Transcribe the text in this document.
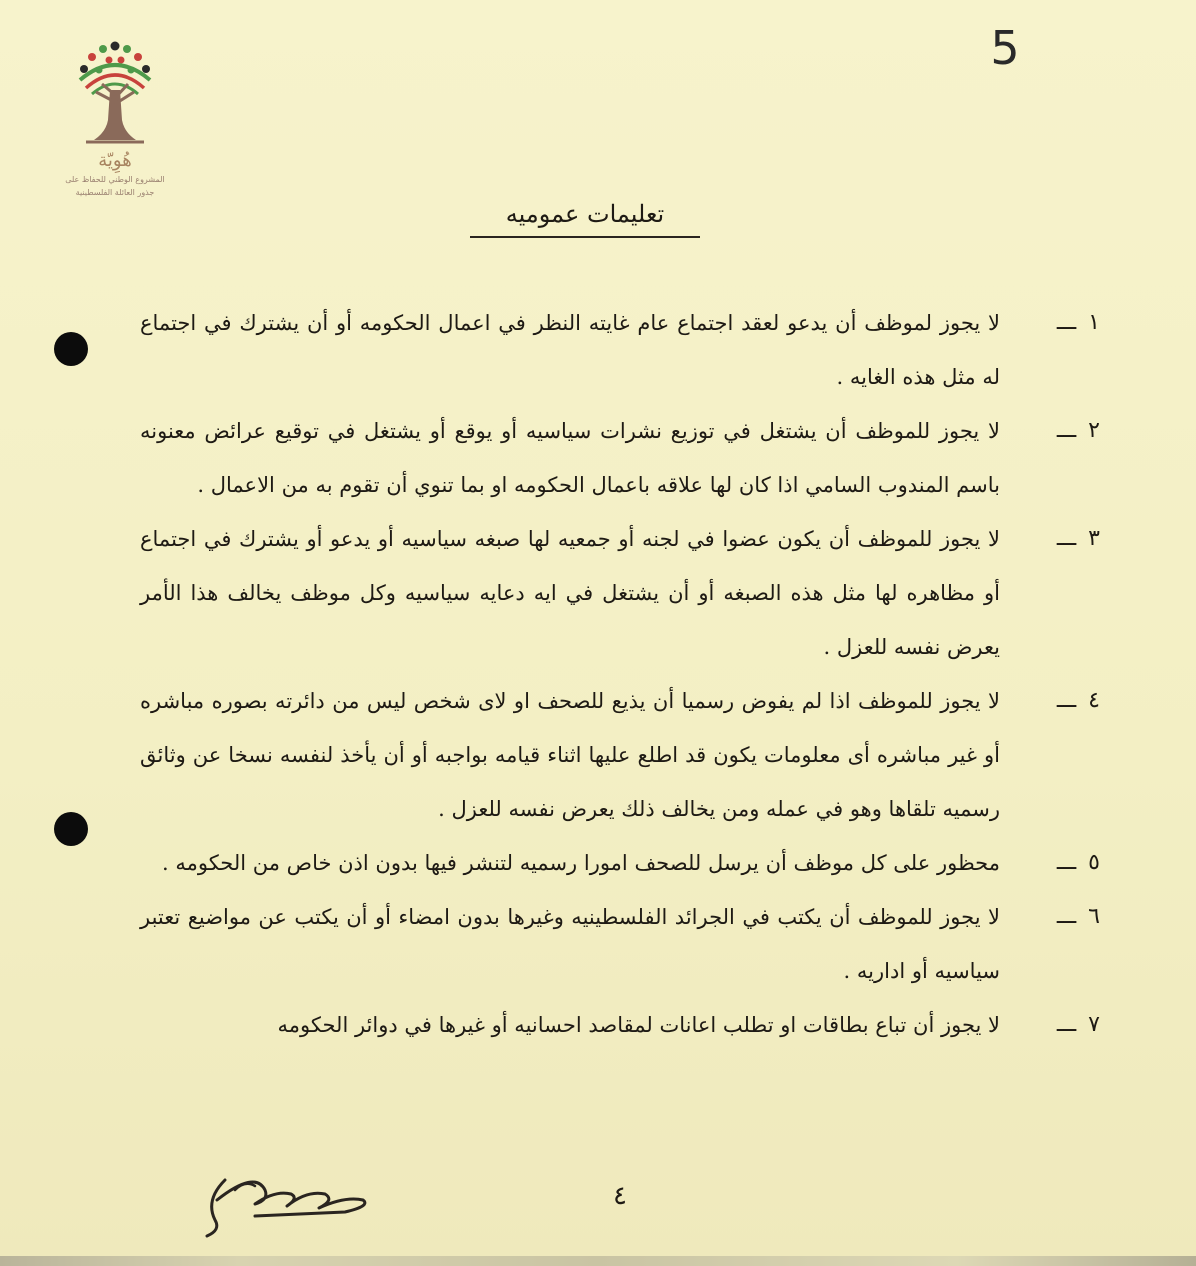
5
هُوِيّة
المشروع الوطني للحفاظ على
جذور العائلة الفلسطينية
تعليمات عموميه
١ـــ
لا يجوز لموظف أن يدعو لعقد اجتماع عام غايته النظر في اعمال الحكومه أو أن يشترك في اجتماع له مثل هذه الغايه .
٢ـــ
لا يجوز للموظف أن يشتغل في توزيع نشرات سياسيه أو يوقع أو يشتغل في توقيع عرائض معنونه باسم المندوب السامي اذا كان لها علاقه باعمال الحكومه او بما تنوي أن تقوم به من الاعمال .
٣ـــ
لا يجوز للموظف أن يكون عضوا في لجنه أو جمعيه لها صبغه سياسيه أو يدعو أو يشترك في اجتماع أو مظاهره لها مثل هذه الصبغه أو أن يشتغل في ايه دعايه سياسيه وكل موظف يخالف هذا الأمر يعرض نفسه للعزل .
٤ـــ
لا يجوز للموظف اذا لم يفوض رسميا أن يذيع للصحف او لاى شخص ليس من دائرته بصوره مباشره أو غير مباشره أى معلومات يكون قد اطلع عليها اثناء قيامه بواجبه أو أن يأخذ لنفسه نسخا عن وثائق رسميه تلقاها وهو في عمله ومن يخالف ذلك يعرض نفسه للعزل .
٥ـــ
محظور على كل موظف أن يرسل للصحف امورا رسميه لتنشر فيها بدون اذن خاص من الحكومه .
٦ـــ
لا يجوز للموظف أن يكتب في الجرائد الفلسطينيه وغيرها بدون امضاء أو أن يكتب عن مواضيع تعتبر سياسيه أو اداريه .
٧ـــ
لا يجوز أن تباع بطاقات او تطلب اعانات لمقاصد احسانيه أو غيرها في دوائر الحكومه
٤
